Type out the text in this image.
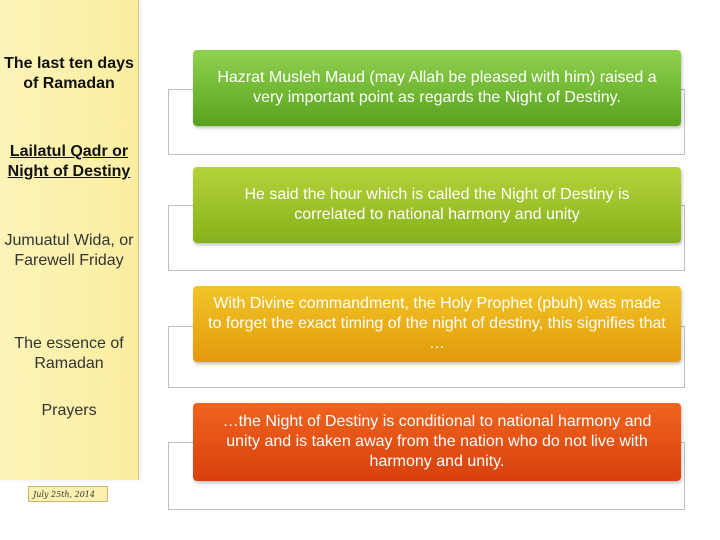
The last ten days of Ramadan
Lailatul Qadr or Night of Destiny
Jumuatul Wida, or Farewell Friday
The essence of Ramadan
Prayers
July 25th, 2014
Hazrat Musleh Maud (may Allah be pleased with him) raised a very important point as regards the Night of Destiny.
He said the hour which is called the Night of Destiny is correlated to national harmony and unity
With Divine commandment, the Holy Prophet (pbuh) was made to forget the exact timing of the night of destiny, this signifies that …
…the Night of Destiny is conditional to national harmony and unity and is taken away from the nation who do not live with harmony and unity.
